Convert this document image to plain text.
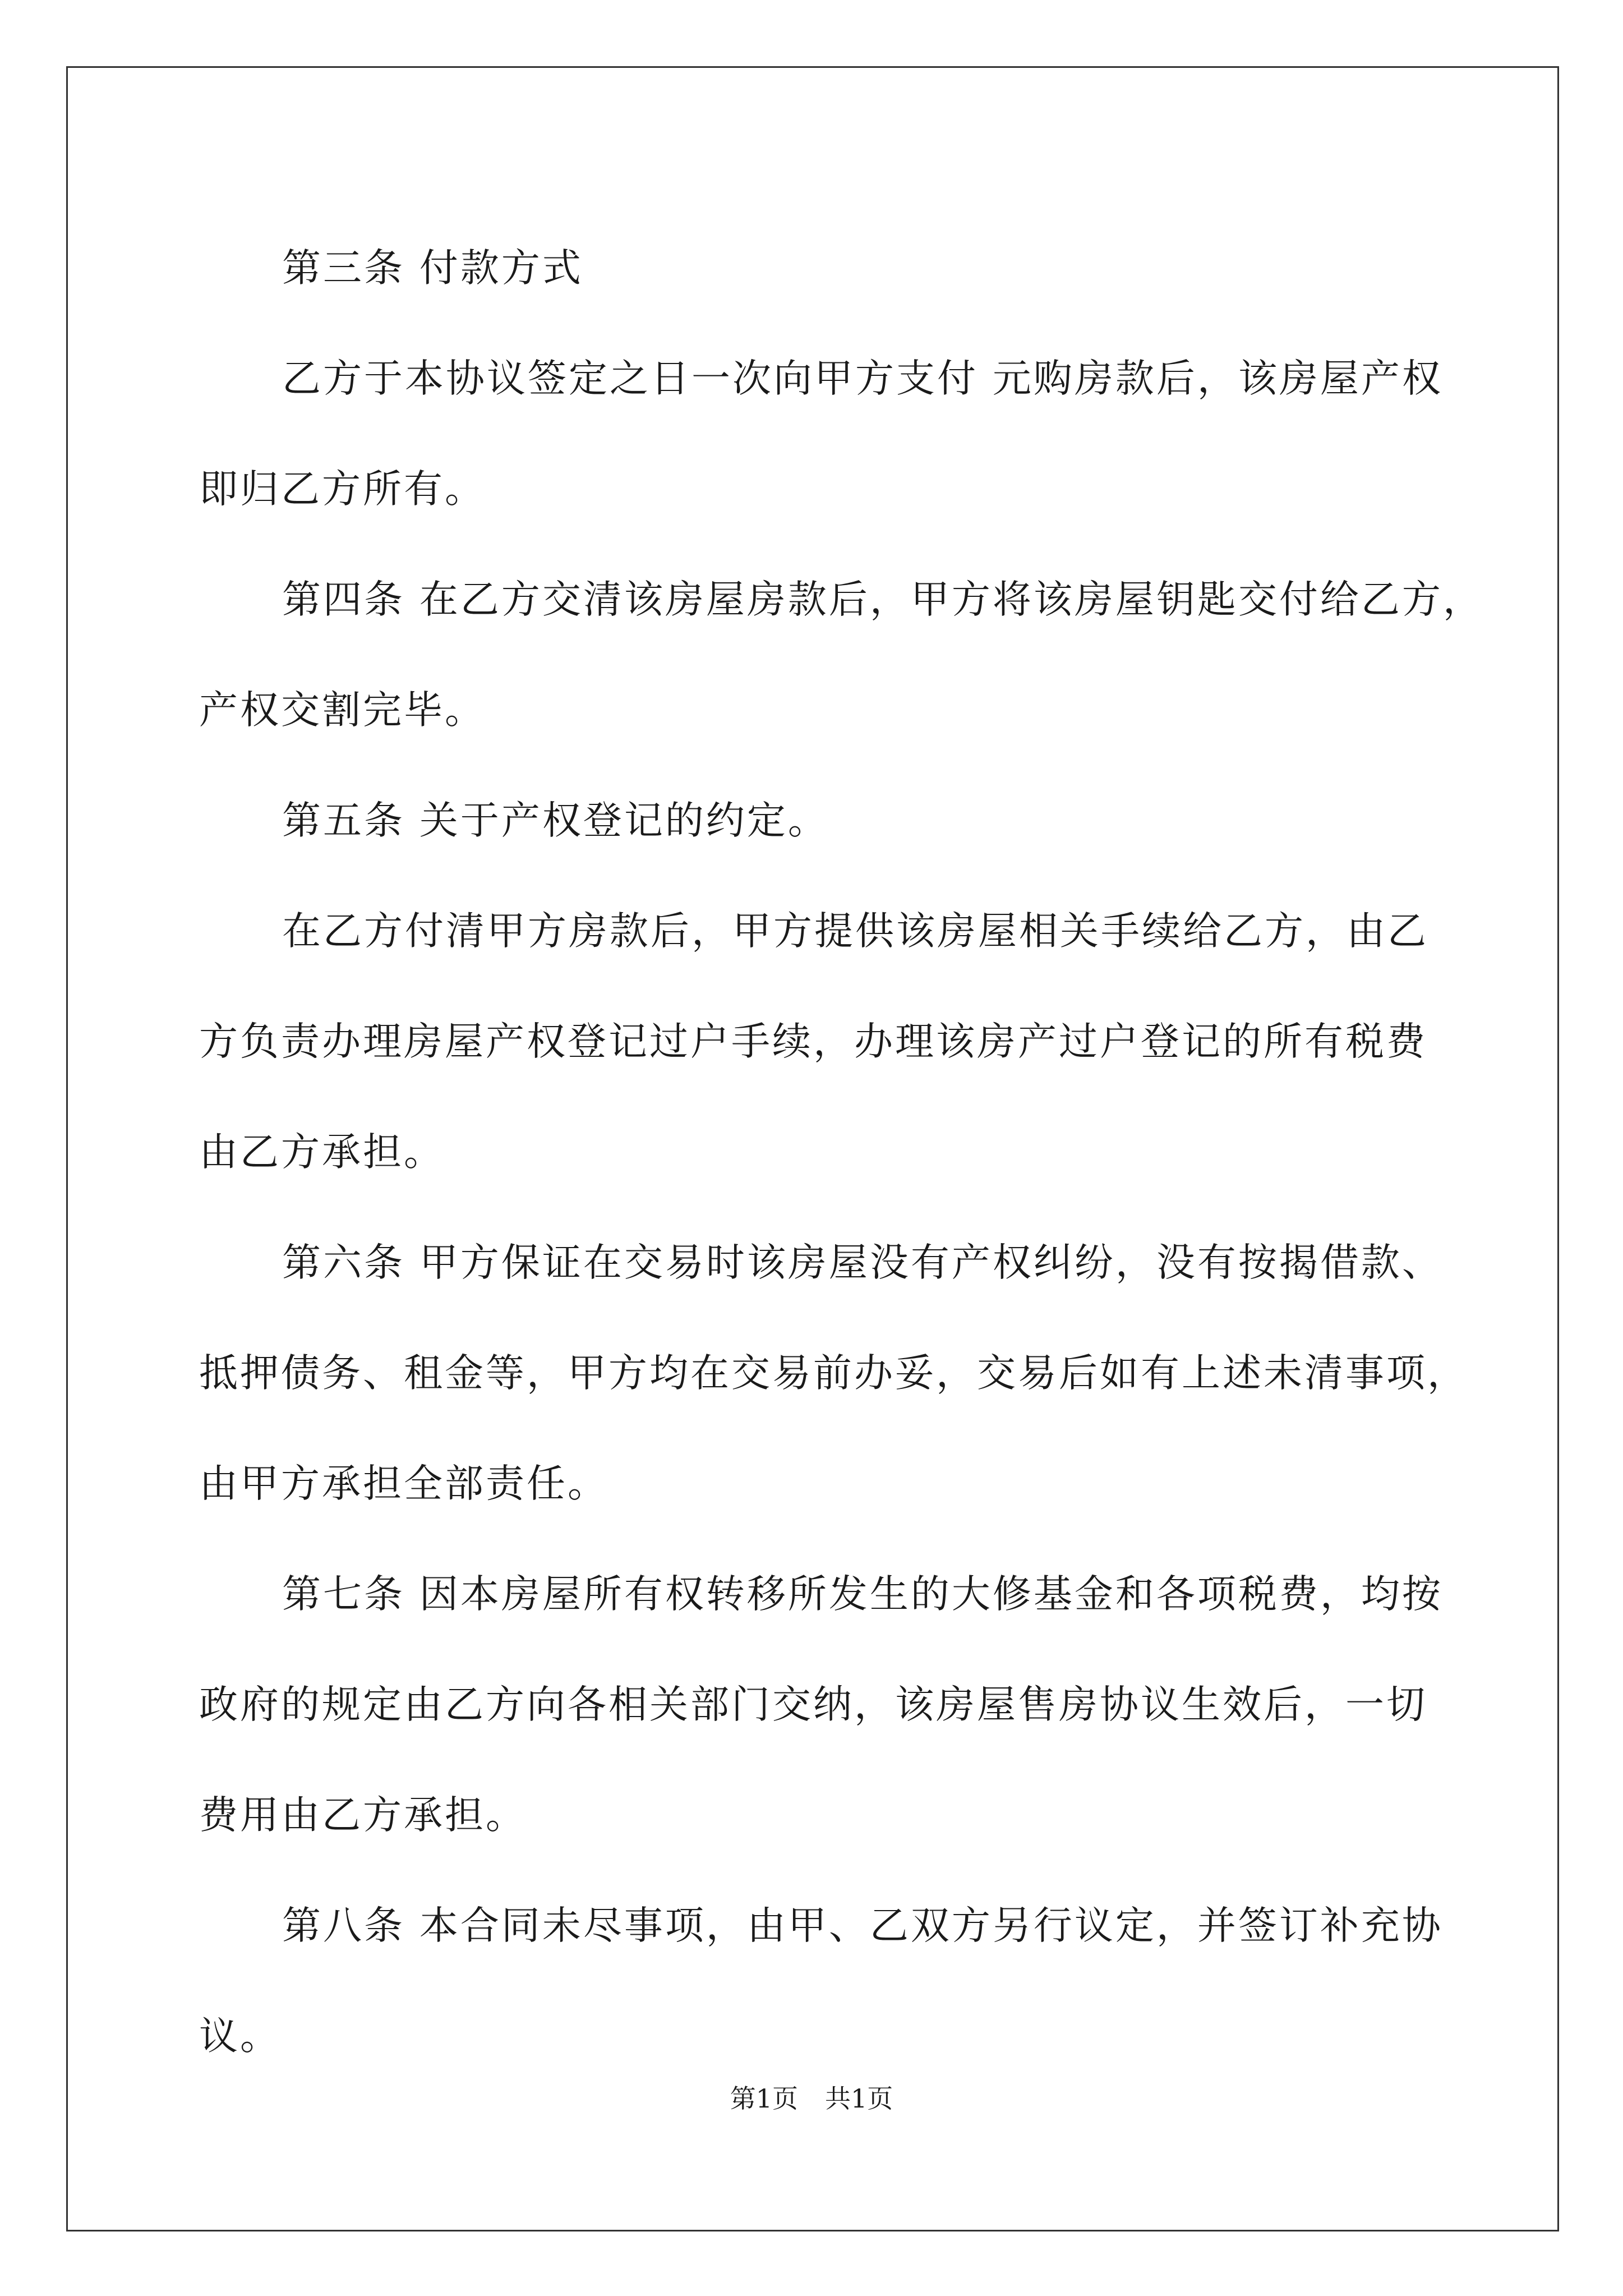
第三条 付款方式
乙方于本协议签定之日一次向甲方支付 元购房款后，该房屋产权
即归乙方所有。
第四条 在乙方交清该房屋房款后，甲方将该房屋钥匙交付给乙方，
产权交割完毕。
第五条 关于产权登记的约定。
在乙方付清甲方房款后，甲方提供该房屋相关手续给乙方，由乙
方负责办理房屋产权登记过户手续，办理该房产过户登记的所有税费
由乙方承担。
第六条 甲方保证在交易时该房屋没有产权纠纷，没有按揭借款、
抵押债务、租金等，甲方均在交易前办妥，交易后如有上述未清事项，
由甲方承担全部责任。
第七条 因本房屋所有权转移所发生的大修基金和各项税费，均按
政府的规定由乙方向各相关部门交纳，该房屋售房协议生效后，一切
费用由乙方承担。
第八条 本合同未尽事项，由甲、乙双方另行议定，并签订补充协
议。
第1页 共1页
